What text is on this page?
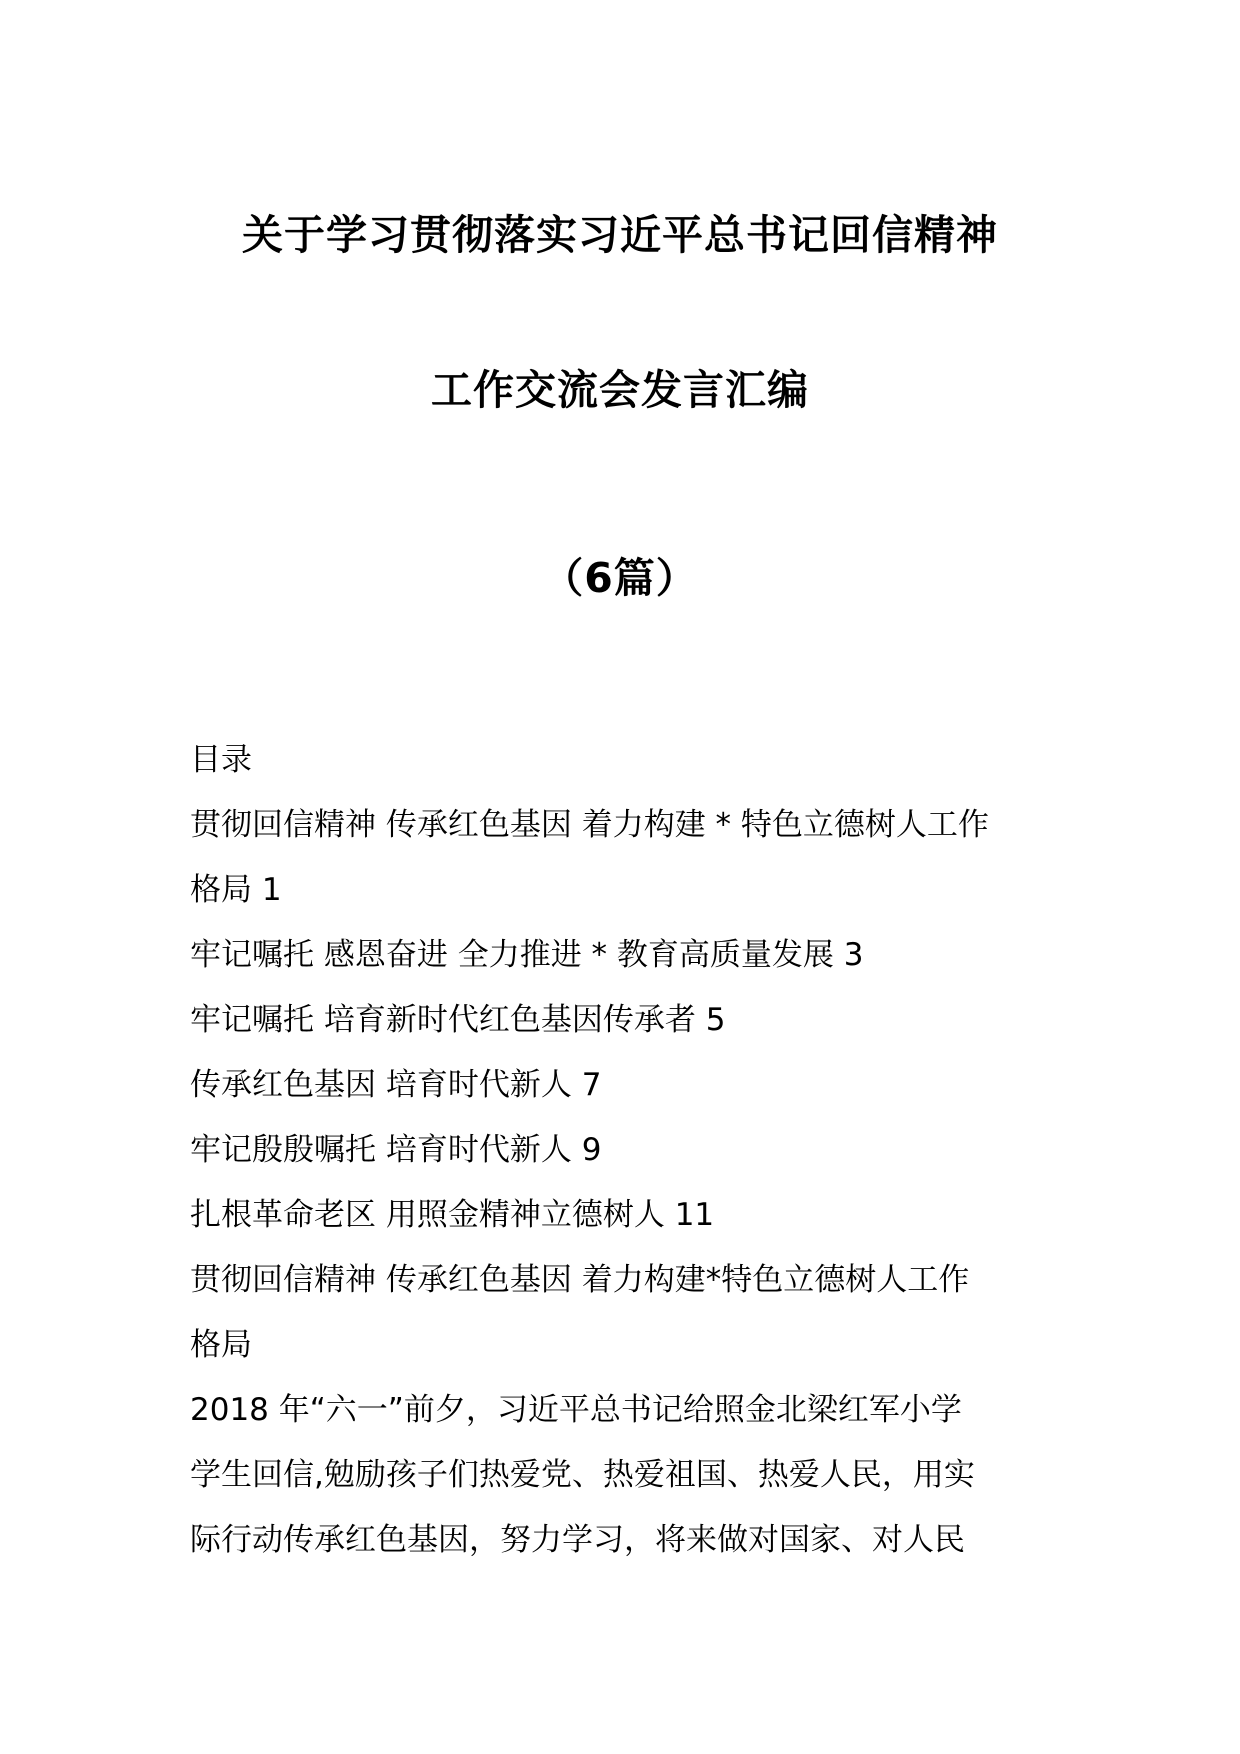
关于学习贯彻落实习近平总书记回信精神
工作交流会发言汇编
（6篇）
目录
贯彻回信精神 传承红色基因 着力构建 * 特色立德树人工作
格局 1
牢记嘱托 感恩奋进 全力推进 * 教育高质量发展 3
牢记嘱托 培育新时代红色基因传承者 5
传承红色基因 培育时代新人 7
牢记殷殷嘱托 培育时代新人 9
扎根革命老区 用照金精神立德树人 11
贯彻回信精神 传承红色基因 着力构建*特色立德树人工作
格局
2018 年“六一”前夕，习近平总书记给照金北梁红军小学
学生回信,勉励孩子们热爱党、热爱祖国、热爱人民，用实
际行动传承红色基因，努力学习，将来做对国家、对人民
